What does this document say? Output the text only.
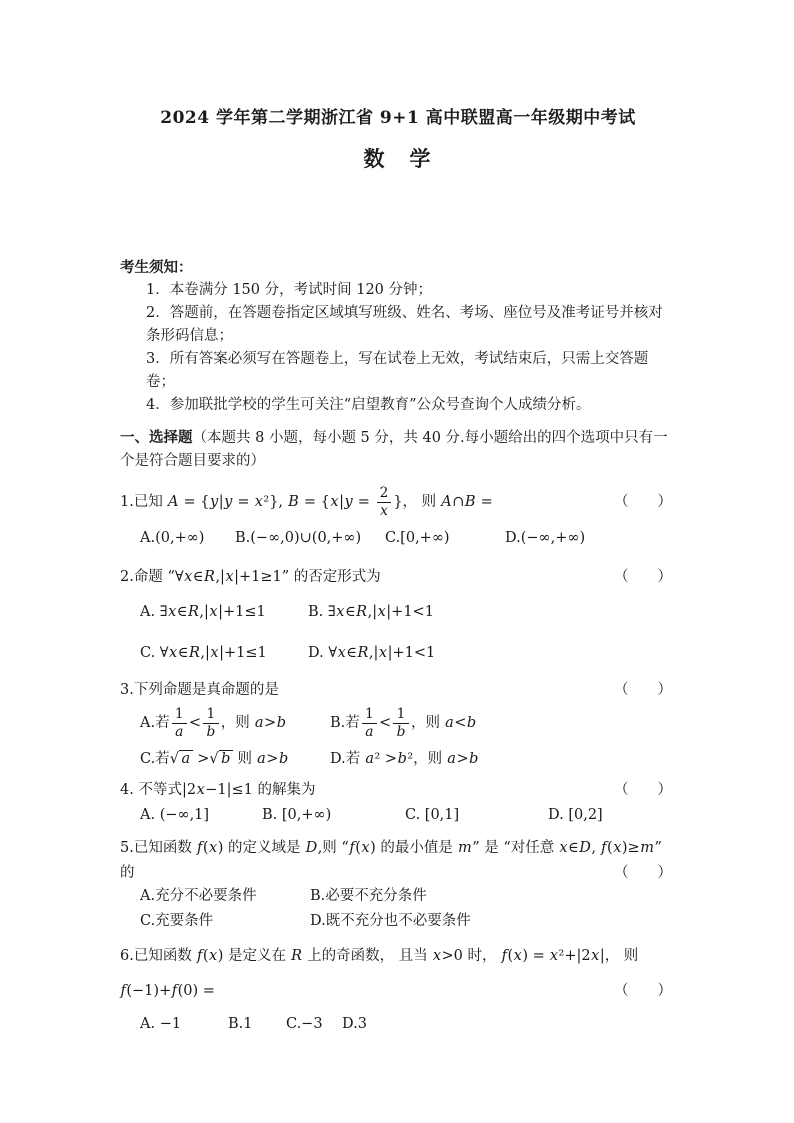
2024 学年第二学期浙江省 9+1 高中联盟高一年级期中考试
数　学
考生须知：
1．本卷满分 150 分，考试时间 120 分钟；
2．答题前，在答题卷指定区域填写班级、姓名、考场、座位号及准考证号并核对条形码信息；
3．所有答案必须写在答题卷上，写在试卷上无效，考试结束后，只需上交答题卷；
4．参加联批学校的学生可关注“启望教育”公众号查询个人成绩分析。
一、选择题（本题共 8 小题，每小题 5 分，共 40 分.每小题给出的四个选项中只有一个是符合题目要求的）
1.已知 A = {y|y = x²}, $B = \{x|y = \frac{2}{x}$ }， 则 A∩B =	（　　）
A.(0,+∞)	B.(−∞,0)∪(0,+∞)	C.[0,+∞)	D.(−∞,+∞)
2.命题 “∀x∈R,|x|+1≥1” 的否定形式为	（　　）
A. ∃x∈R,|x|+1≤1	B. ∃x∈R,|x|+1<1
C. ∀x∈R,|x|+1≤1	D. ∀x∈R,|x|+1<1
3.下列命题是真命题的是	（　　）
A.若 $\frac{1}{a} < \frac{1}{b}$ ，则 a>b	B.若 $\frac{1}{a} < \frac{1}{b}$ ，则 a<b
C.若√ a >√ b 则 a>b	D.若 a² >b²，则 a>b
4. 不等式|2x−1|≤1 的解集为	（　　）
A. (−∞,1]	B. [0,+∞)	C. [0,1]	D. [0,2]
5.已知函数 f(x) 的定义域是 D,则 “f(x) 的最小值是 m” 是 “对任意 x∈D, f(x)≥m”
的	（　　）
A.充分不必要条件	B.必要不充分条件
C.充要条件	D.既不充分也不必要条件
6.已知函数 f(x) 是定义在 R 上的奇函数， 且当 x>0 时， f(x) = x²+|2x|， 则
f(−1)+f(0) =	（　　）
A. −1	B.1	C.−3	D.3
